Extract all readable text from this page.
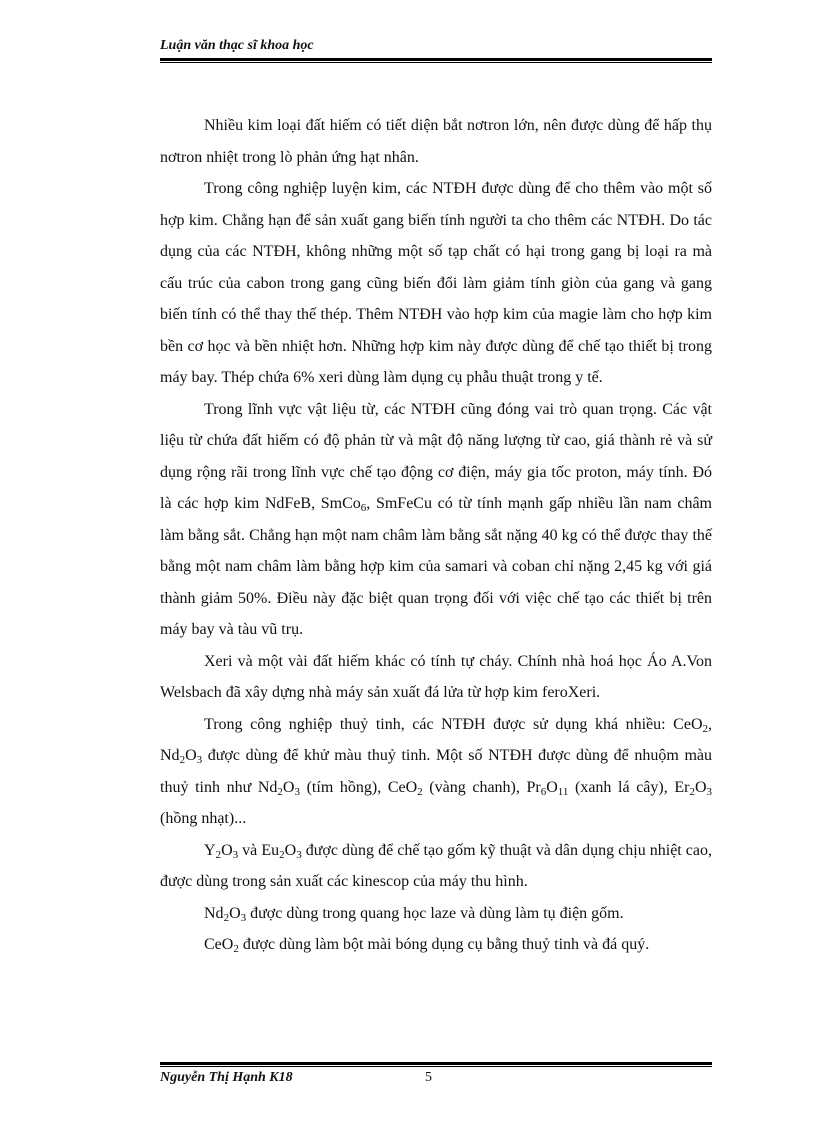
Luận văn thạc sĩ khoa học

Nhiều kim loại đất hiếm có tiết diện bắt nơtron lớn, nên được dùng để hấp thụ nơtron nhiệt trong lò phản ứng hạt nhân.

Trong công nghiệp luyện kim, các NTĐH được dùng để cho thêm vào một số hợp kim. Chẳng hạn để sản xuất gang biến tính người ta cho thêm các NTĐH. Do tác dụng của các NTĐH, không những một số tạp chất có hại trong gang bị loại ra mà cấu trúc của cabon trong gang cũng biến đổi làm giảm tính giòn của gang và gang biến tính có thể thay thế thép. Thêm NTĐH vào hợp kim của magie làm cho hợp kim bền cơ học và bền nhiệt hơn. Những hợp kim này được dùng để chế tạo thiết bị trong máy bay. Thép chứa 6% xeri dùng làm dụng cụ phẫu thuật trong y tế.

Trong lĩnh vực vật liệu từ, các NTĐH cũng đóng vai trò quan trọng. Các vật liệu từ chứa đất hiếm có độ phản từ và mật độ năng lượng từ cao, giá thành rẻ và sử dụng rộng rãi trong lĩnh vực chế tạo động cơ điện, máy gia tốc proton, máy tính. Đó là các hợp kim NdFeB, SmCo$_6$, SmFeCu có từ tính mạnh gấp nhiều lần nam châm làm bằng sắt. Chẳng hạn một nam châm làm bằng sắt nặng 40 kg có thể được thay thế bằng một nam châm làm bằng hợp kim của samari và coban chỉ nặng 2,45 kg với giá thành giảm 50%. Điều này đặc biệt quan trọng đối với việc chế tạo các thiết bị trên máy bay và tàu vũ trụ.

Xeri và một vài đất hiếm khác có tính tự cháy. Chính nhà hoá học Áo A.Von Welsbach đã xây dựng nhà máy sản xuất đá lửa từ hợp kim feroXeri.

Trong công nghiệp thuỷ tinh, các NTĐH được sử dụng khá nhiều: CeO$_2$, $Nd_2O_3$ được dùng để khử màu thuỷ tinh. Một số NTĐH được dùng để nhuộm màu thuỷ tinh như $Nd_2O_3$ (tím hồng), CeO$_2$ (vàng chanh), $Pr_6O_{11}$ (xanh lá cây), $Er_2O_3$ (hồng nhạt)...

$Y_2O_3$ và $Eu_2O_3$ được dùng để chế tạo gốm kỹ thuật và dân dụng chịu nhiệt cao, được dùng trong sản xuất các kinescop của máy thu hình.

$Nd_2O_3$ được dùng trong quang học laze và dùng làm tụ điện gốm.

CeO$_2$ được dùng làm bột mài bóng dụng cụ bằng thuỷ tinh và đá quý.

Nguyễn Thị Hạnh K18	5
